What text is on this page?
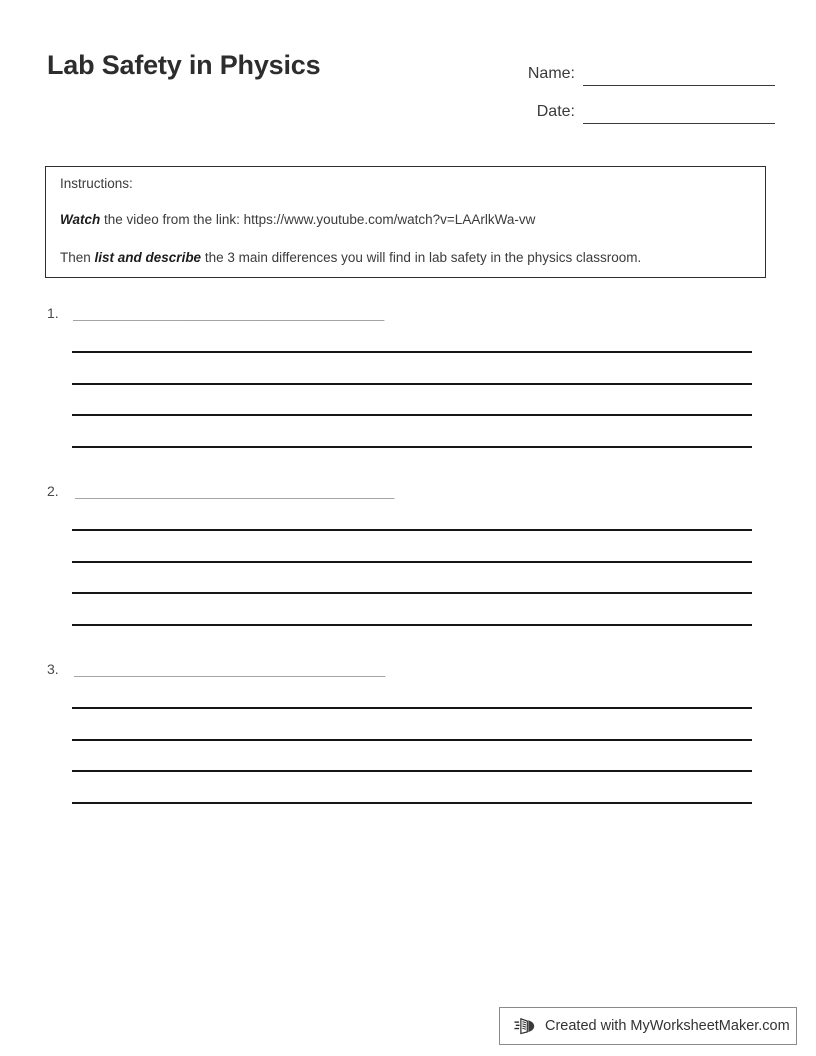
Lab Safety in Physics	Name:
Date:
Instructions:
Watch the video from the link: https://www.youtube.com/watch?v=LAArlkWa-vw
Then list and describe the 3 main differences you will find in lab safety in the physics classroom.
1. _______________________________________
2. ________________________________________
3. _______________________________________
Created with MyWorksheetMaker.com
